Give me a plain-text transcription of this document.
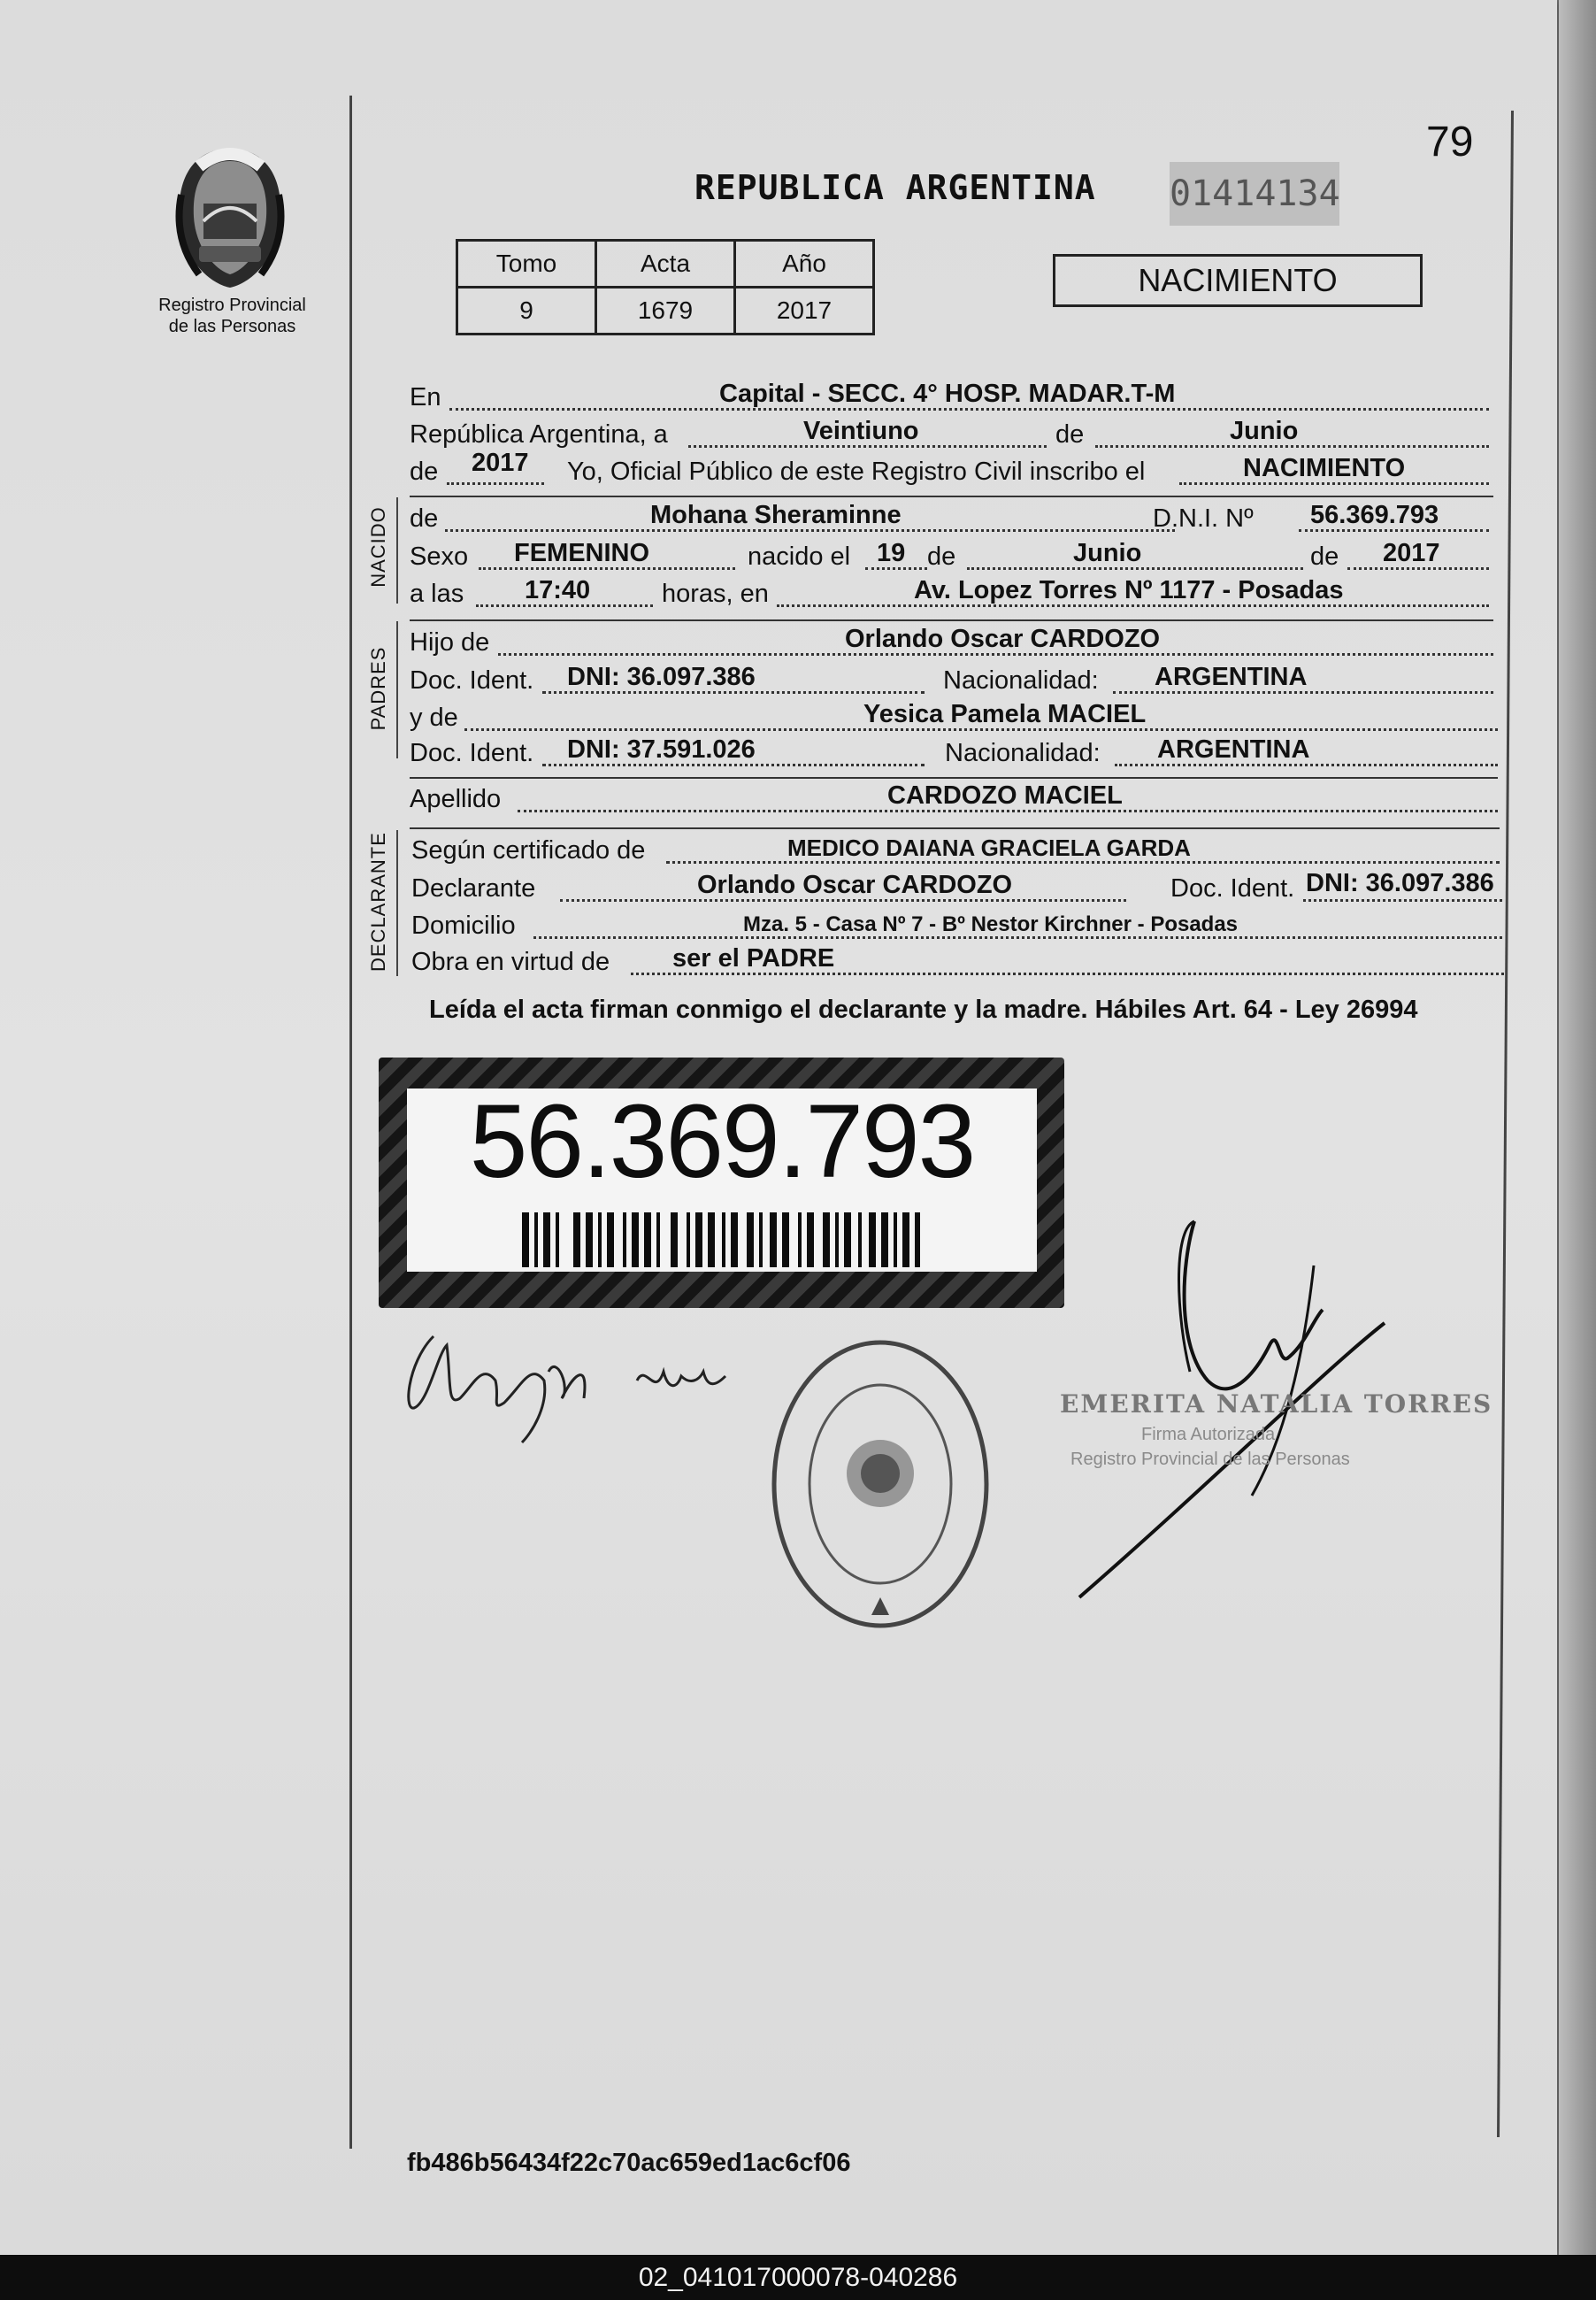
Registro Provincial
de las Personas
REPUBLICA ARGENTINA 01414134
79
Tomo	Acta	Año
9	1679	2017
NACIMIENTO
En	Capital - SECC. 4° HOSP. MADAR.T-M
República Argentina, a	Veintiuno	de	Junio
de 2017 Yo, Oficial Público de este Registro Civil inscribo el	NACIMIENTO
NACIDO de	Mohana Sheraminne	D.N.I. Nº 56.369.793
Sexo FEMENINO	nacido el 19 de	Junio	de 2017
a las 17:40	horas, en	Av. Lopez Torres Nº 1177 - Posadas
PADRES
Hijo de	Orlando Oscar CARDOZO
Doc. Ident. DNI: 36.097.386	Nacionalidad: ARGENTINA
y de	Yesica Pamela MACIEL
Doc. Ident. DNI: 37.591.026	Nacionalidad: ARGENTINA
Apellido	CARDOZO MACIEL
DECLARANTE Según certificado de	MEDICO DAIANA GRACIELA GARDA
Declarante	Orlando Oscar CARDOZO	Doc. Ident. DNI: 36.097.386
Domicilio	Mza. 5 - Casa Nº 7 - Bº Nestor Kirchner - Posadas
Obra en virtud de ser el PADRE
Leída el acta firman conmigo el declarante y la madre. Hábiles Art. 64 - Ley 26994
56.369.793
EMERITA NATALIA TORRES
Firma Autorizada
Registro Provincial de las Personas
fb486b56434f22c70ac659ed1ac6cf06
02_041017000078-040286
